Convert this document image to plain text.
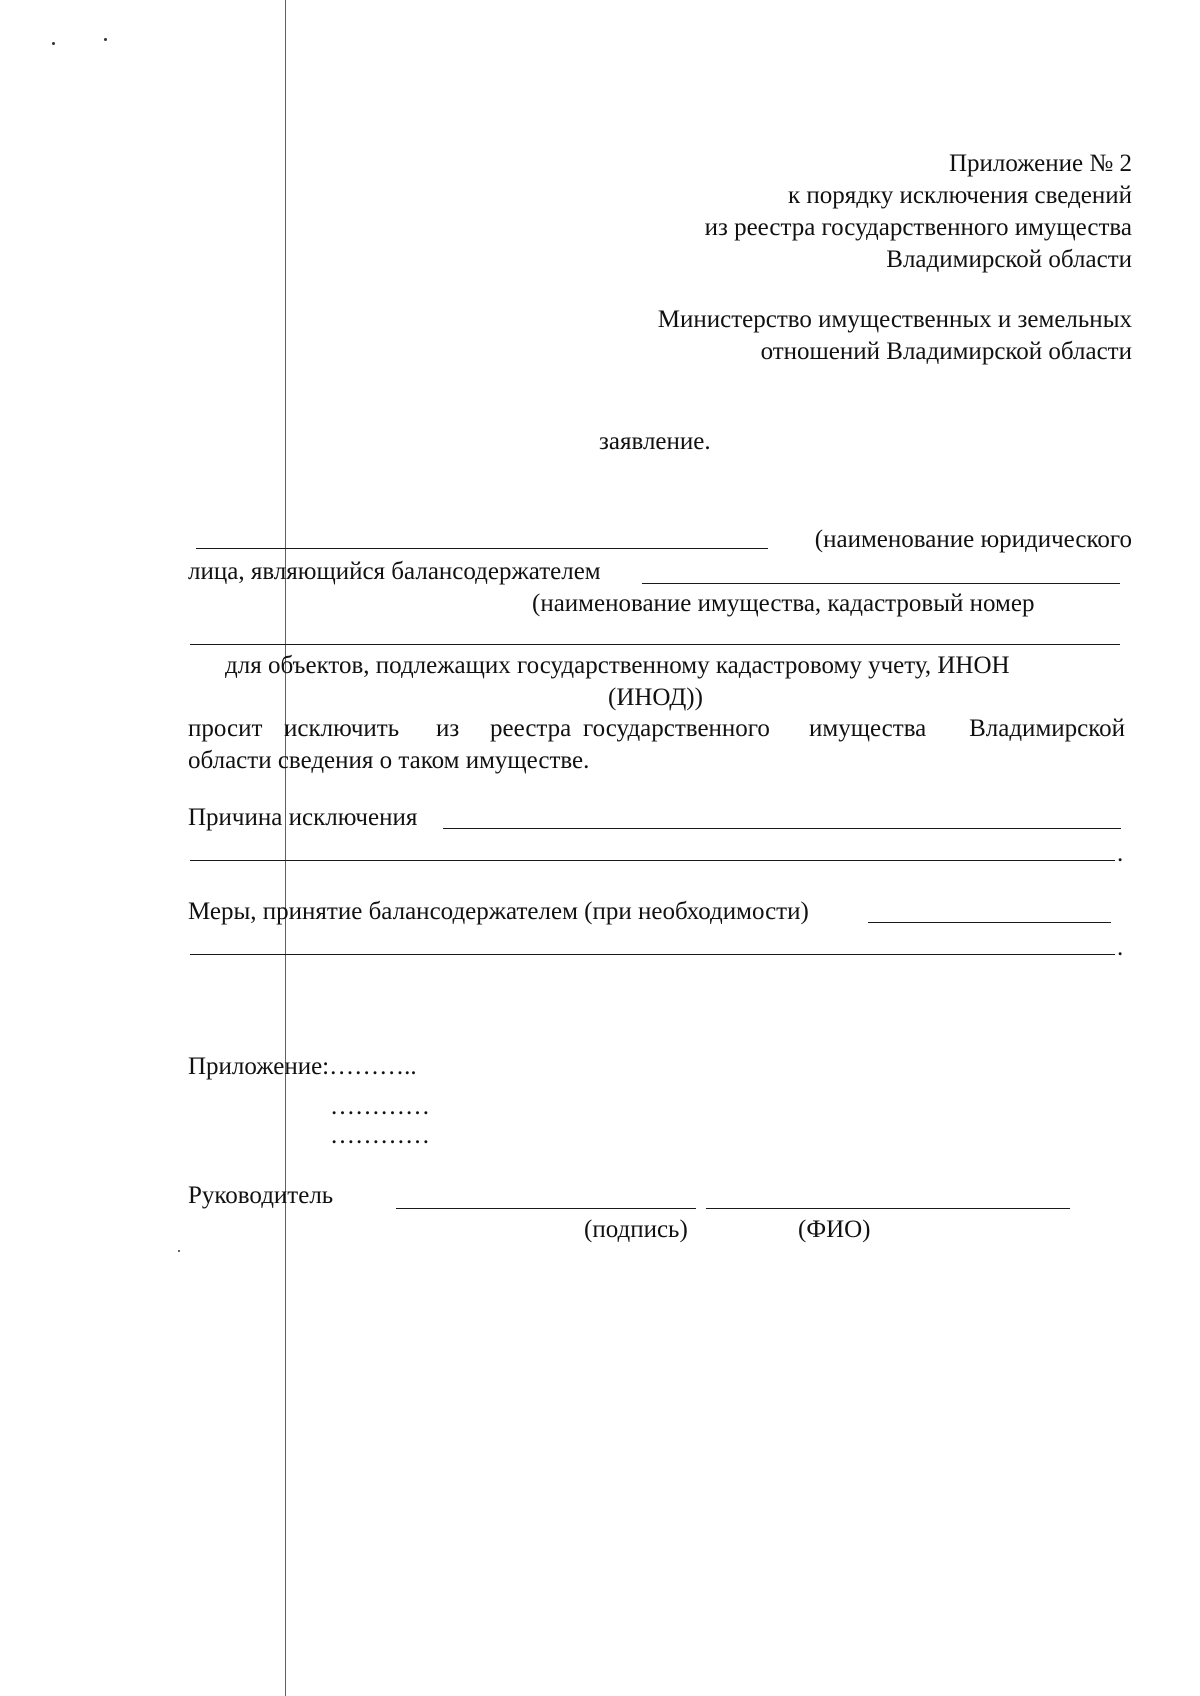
Приложение № 2
к порядку исключения сведений
из реестра государственного имущества
Владимирской области
Министерство имущественных и земельных
отношений Владимирской области
заявление.
(наименование юридического
лица, являющийся балансодержателем
(наименование имущества, кадастровый номер
для объектов, подлежащих государственному кадастровому учету, ИНОН
(ИНОД))
просит исключить из реестра государственного имущества Владимирской
области сведения о таком имуществе.
Причина исключения
.
Меры, принятие балансодержателем (при необходимости)
.
Приложение:………..
…………
…………
Руководитель
(подпись)	(ФИО)
